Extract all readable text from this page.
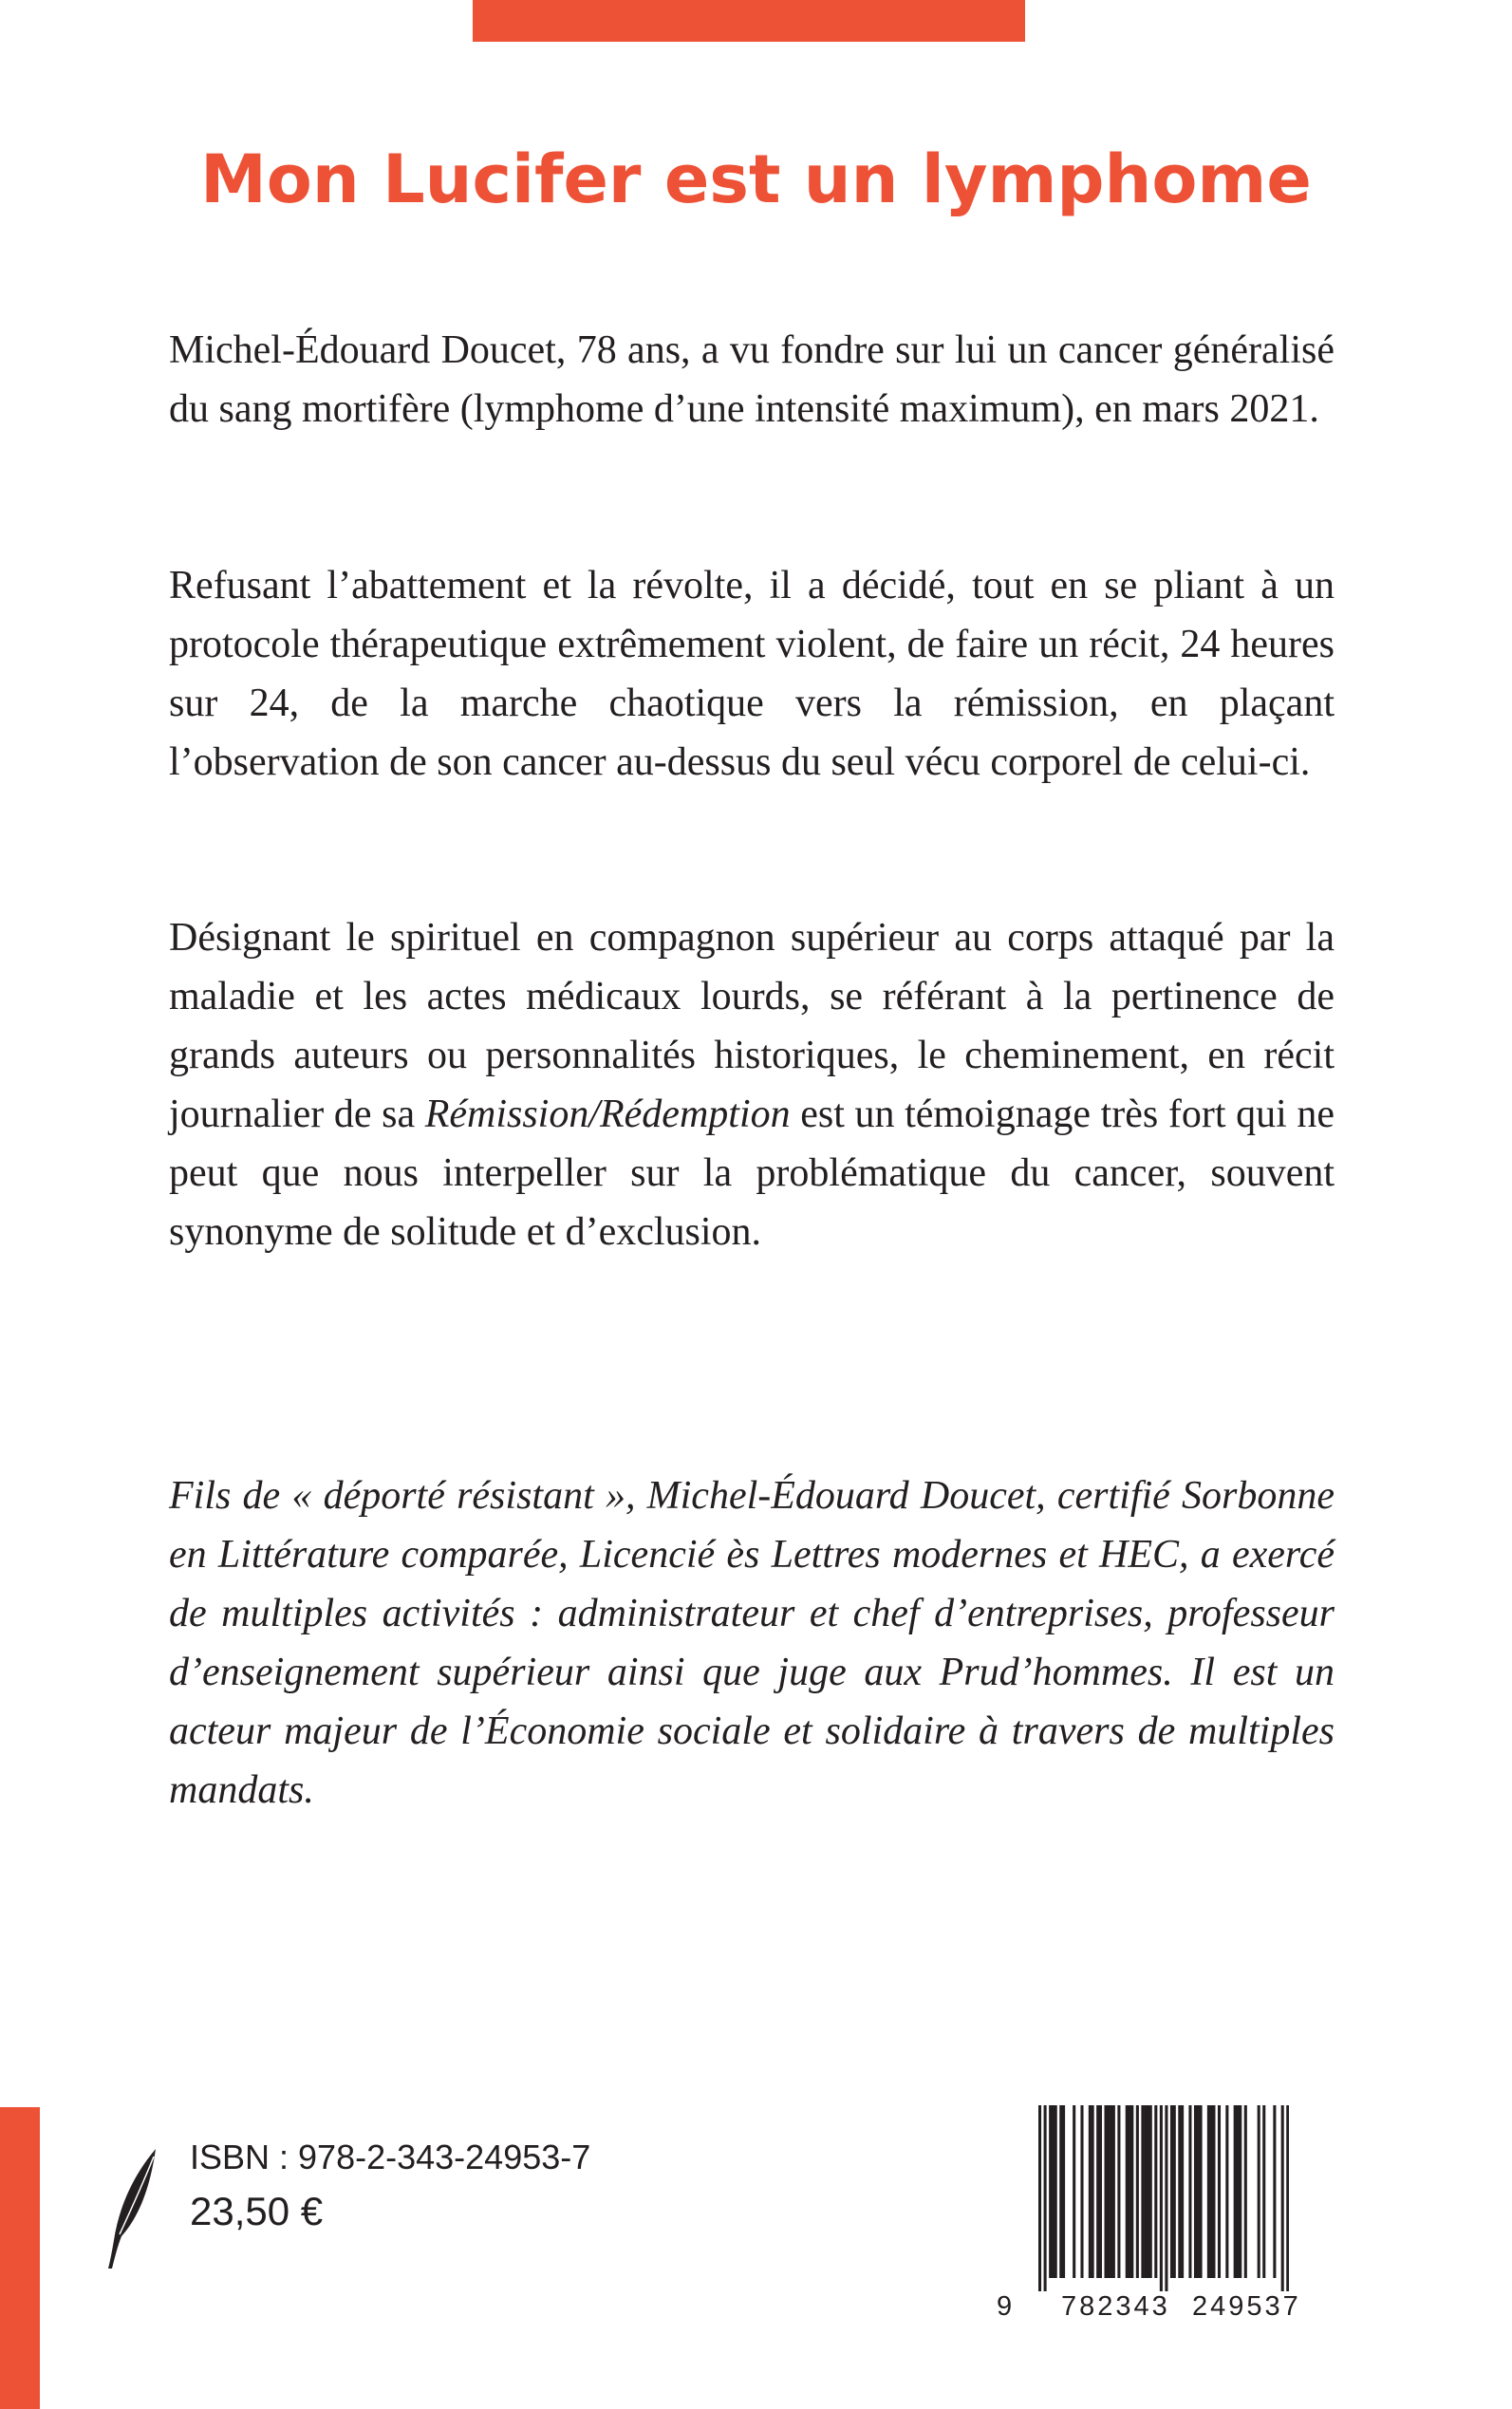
Mon Lucifer est un lymphome

Michel-Édouard Doucet, 78 ans, a vu fondre sur lui un cancer généralisé du sang mortifère (lymphome d’une intensité maximum), en mars 2021.

Refusant l’abattement et la révolte, il a décidé, tout en se pliant à un protocole thérapeutique extrêmement violent, de faire un récit, 24 heures sur 24, de la marche chaotique vers la rémission, en plaçant l’observation de son cancer au-dessus du seul vécu corporel de celui-ci.

Désignant le spirituel en compagnon supérieur au corps attaqué par la maladie et les actes médicaux lourds, se référant à la pertinence de grands auteurs ou personnalités historiques, le cheminement, en récit journalier de sa Rémission/Rédemption est un témoignage très fort qui ne peut que nous interpeller sur la problématique du cancer, souvent synonyme de solitude et d’exclusion.

Fils de « déporté résistant », Michel-Édouard Doucet, certifié Sorbonne en Littérature comparée, Licencié ès Lettres modernes et HEC, a exercé de multiples activités : administrateur et chef d’entreprises, professeur d’enseignement supérieur ainsi que juge aux Prud’hommes. Il est un acteur majeur de l’Économie sociale et solidaire à travers de multiples mandats.

ISBN : 978-2-343-24953-7
23,50 €
9 782343 249537
